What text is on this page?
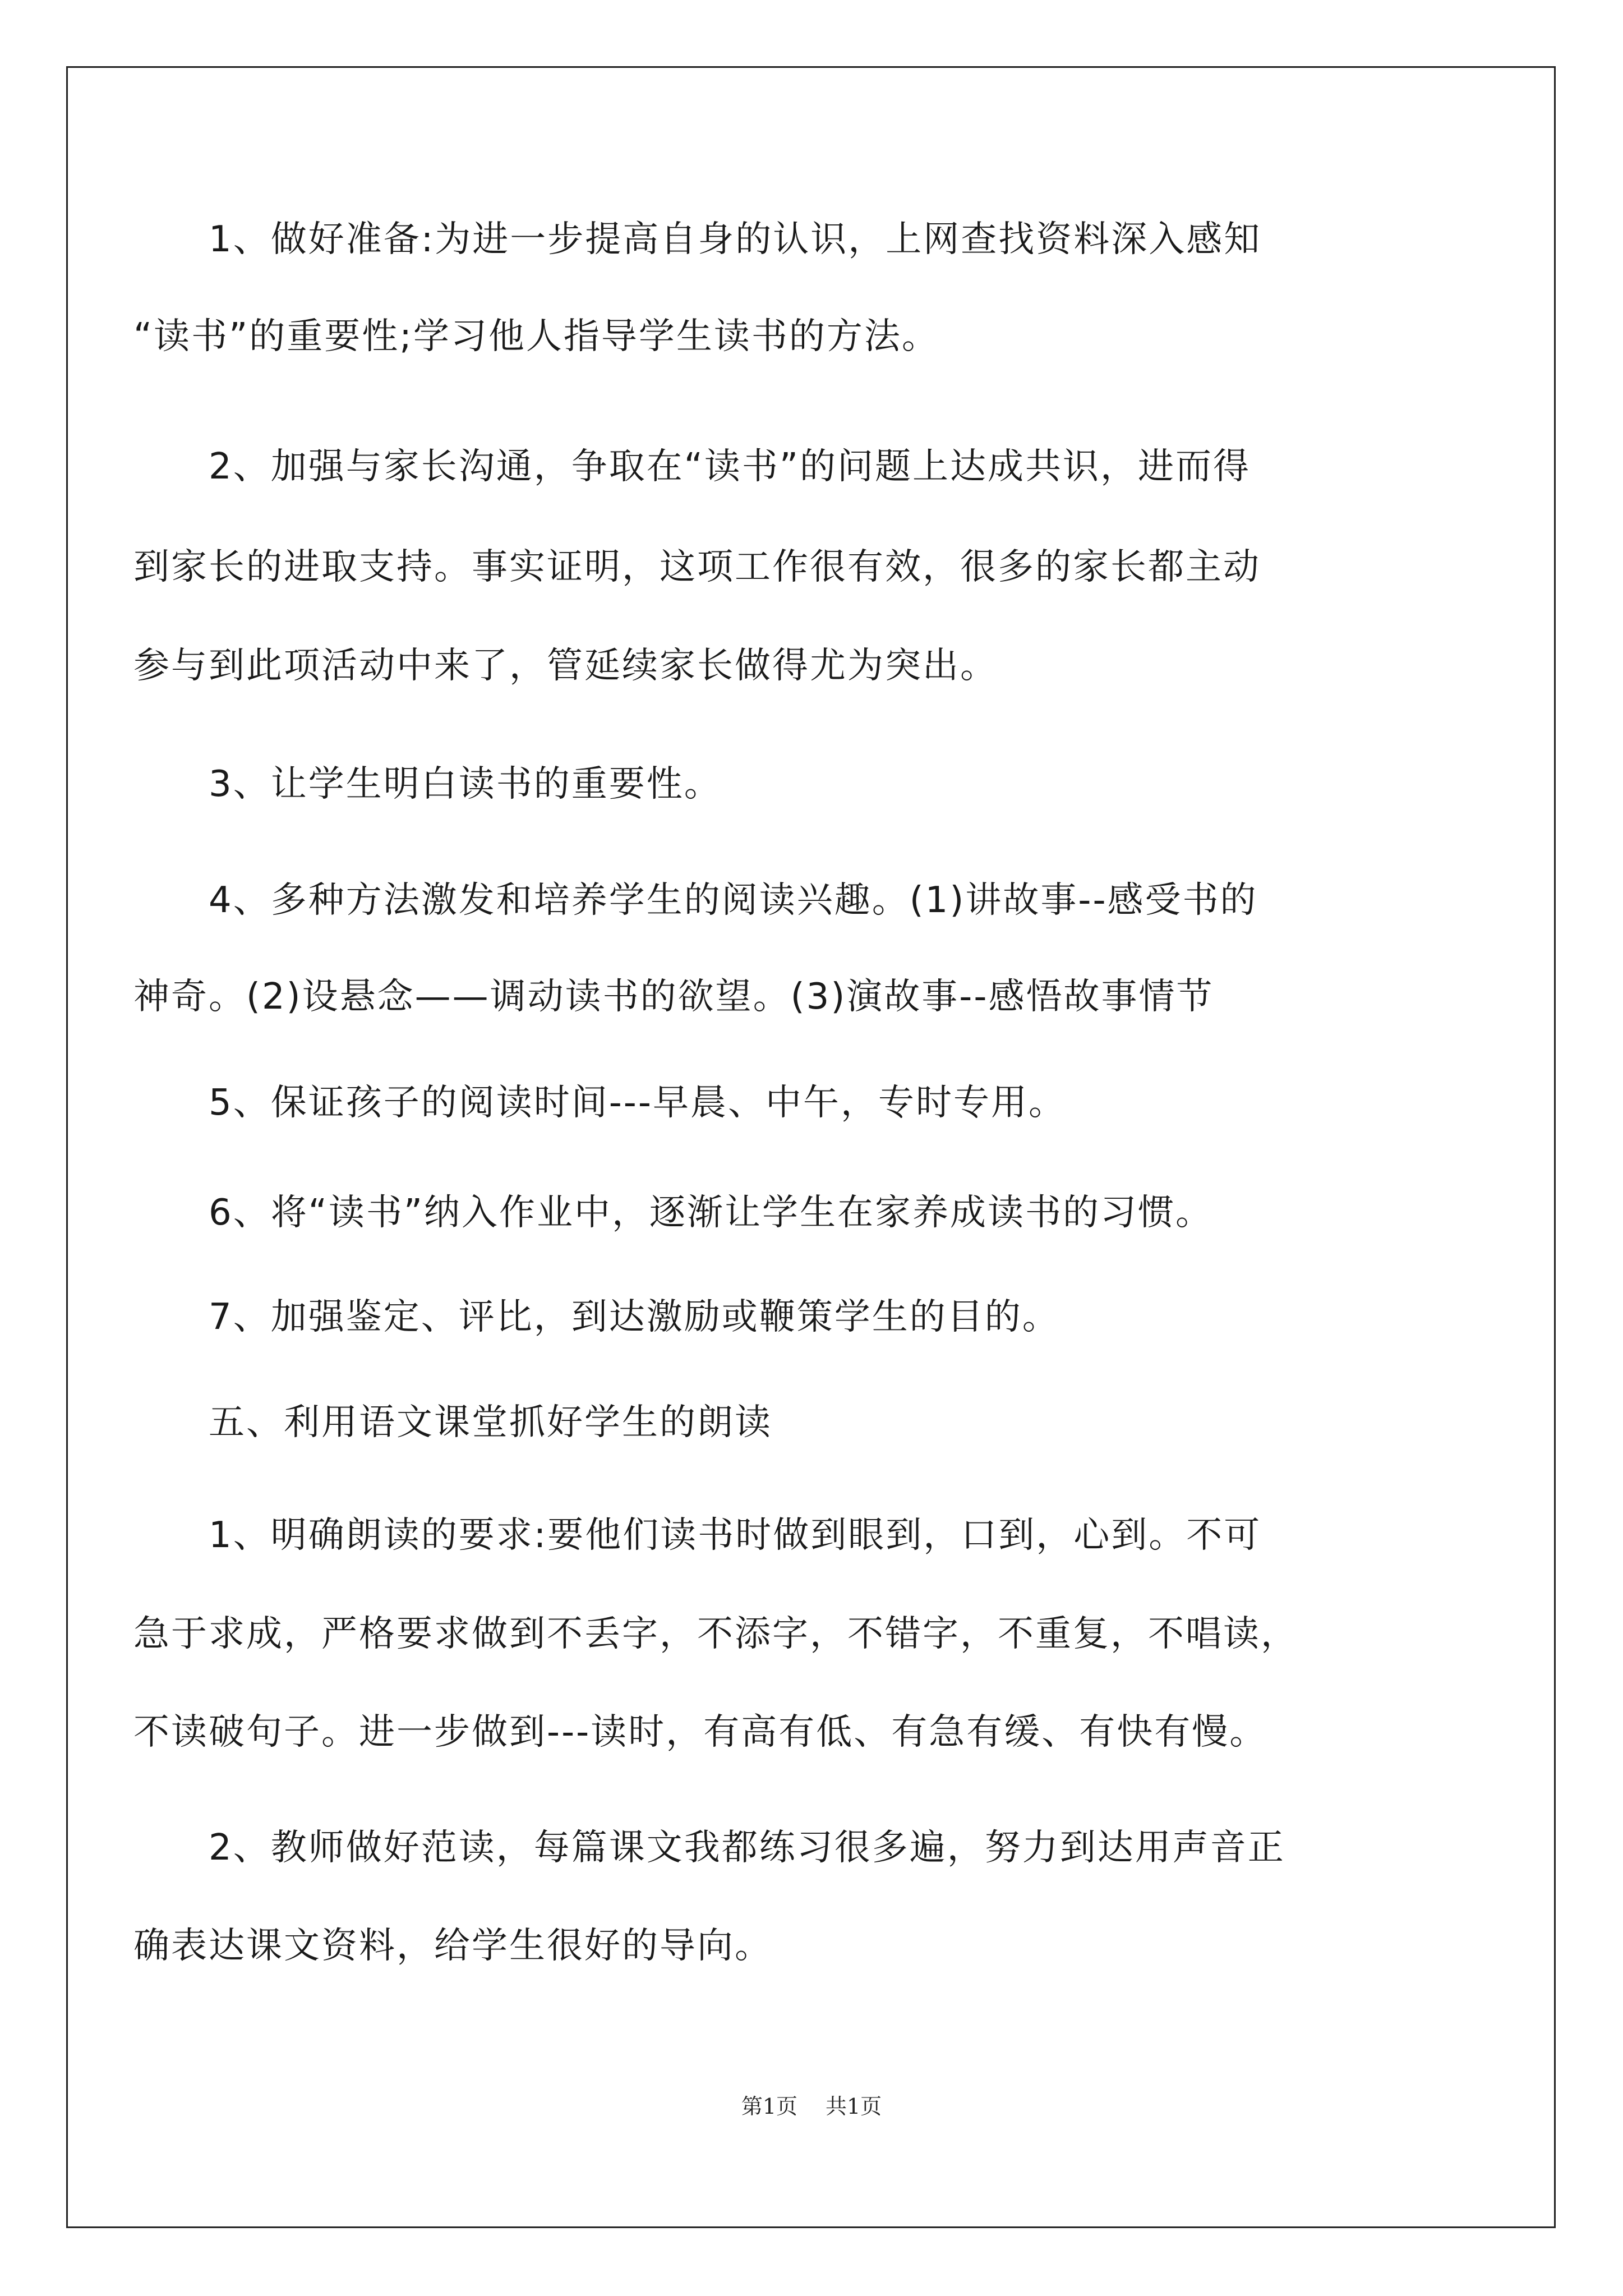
　　1、做好准备:为进一步提高自身的认识，上网查找资料深入感知
“读书”的重要性;学习他人指导学生读书的方法。
　　2、加强与家长沟通，争取在“读书”的问题上达成共识，进而得
到家长的进取支持。事实证明，这项工作很有效，很多的家长都主动
参与到此项活动中来了，管延续家长做得尤为突出。
　　3、让学生明白读书的重要性。
　　4、多种方法激发和培养学生的阅读兴趣。(1)讲故事--感受书的
神奇。(2)设悬念——调动读书的欲望。(3)演故事--感悟故事情节
　　5、保证孩子的阅读时间---早晨、中午，专时专用。
　　6、将“读书”纳入作业中，逐渐让学生在家养成读书的习惯。
　　7、加强鉴定、评比，到达激励或鞭策学生的目的。
　　五、利用语文课堂抓好学生的朗读
　　1、明确朗读的要求:要他们读书时做到眼到，口到，心到。不可
急于求成，严格要求做到不丢字，不添字，不错字，不重复，不唱读，
不读破句子。进一步做到---读时，有高有低、有急有缓、有快有慢。
　　2、教师做好范读，每篇课文我都练习很多遍，努力到达用声音正
确表达课文资料，给学生很好的导向。
第1页 共1页
